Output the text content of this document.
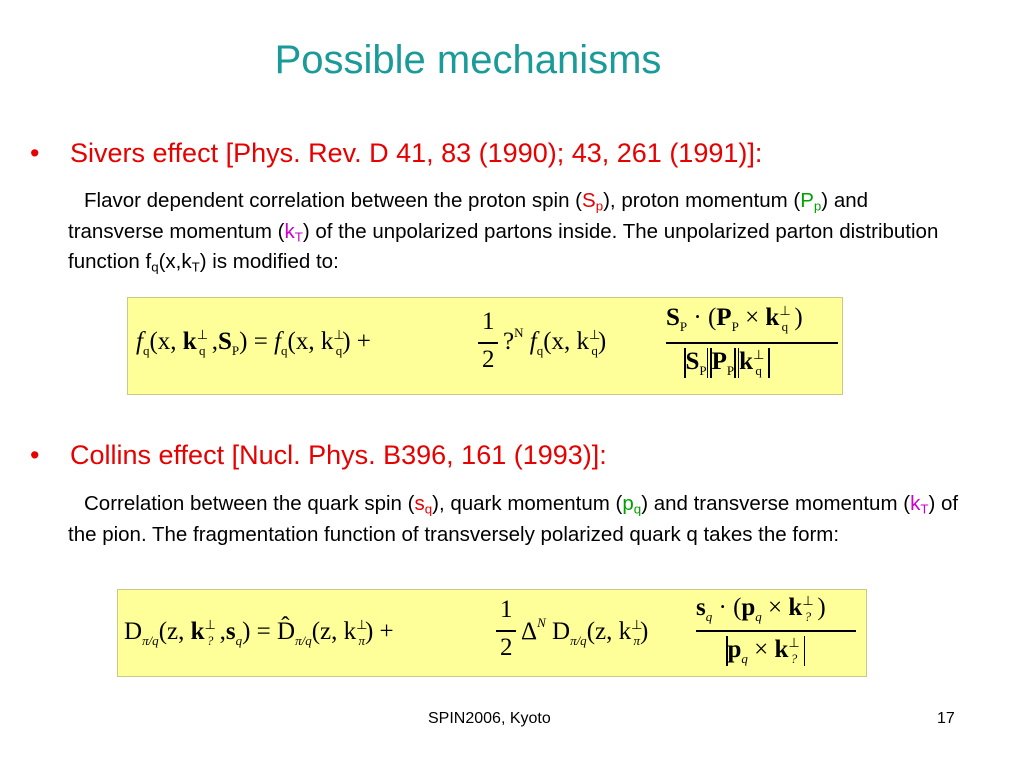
Possible mechanisms
• Sivers effect [Phys. Rev. D 41, 83 (1990); 43, 261 (1991)]:
Flavor dependent correlation between the proton spin $(S_p)$, proton momentum $(P_p)$ and transverse momentum $(k_T)$ of the unpolarized partons inside. The unpolarized parton distribution function $f_q(x,k_T)$ is modified to:
$f_q(x$, $k^\perp_q$ $,S_P) = f_q(x$, $k^\perp_q$) +
1
2
?$^N$ $f_q(x$, $k^\perp_q$)
$S_P \cdot (P_P \times k^\perp_q$ )
$S_P$ $P_P$ $k^\perp_q$
• Collins effect [Nucl. Phys. B396, 161 (1993)]:
Correlation between the quark spin $(s_q)$, quark momentum $(p_q)$ and transverse momentum $(k_T)$ of the pion. The fragmentation function of transversely polarized quark q takes the form:
$D_{\pi/q}(z$, $k^\perp_?$ $,s_q$) = $D̂_{\pi/q}(z$, $k^\perp_\pi$) +
1
2
$\Delta^N$ $D_{\pi/q}(z$, $k^\perp_\pi$)
$s_q \cdot (p_q \times k^\perp_?$ )
$p_q \times k^\perp_?$
SPIN2006, Kyoto	17
